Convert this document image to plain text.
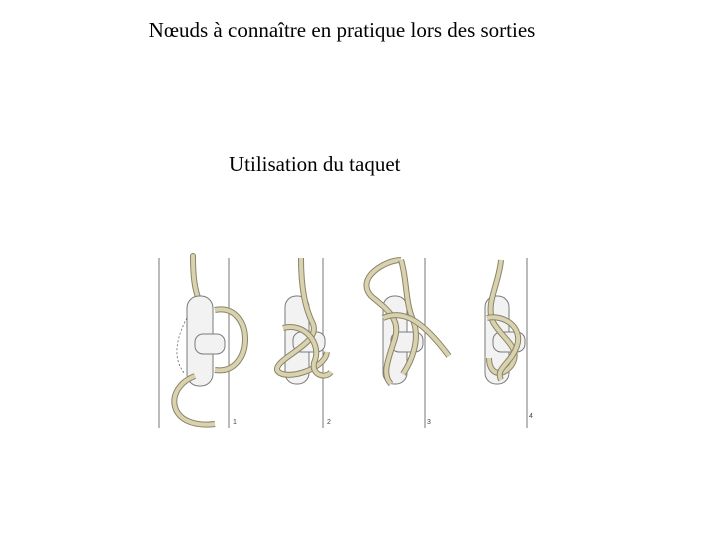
Nœuds à connaître en pratique lors des sorties
Utilisation du taquet
1	2	3
4
